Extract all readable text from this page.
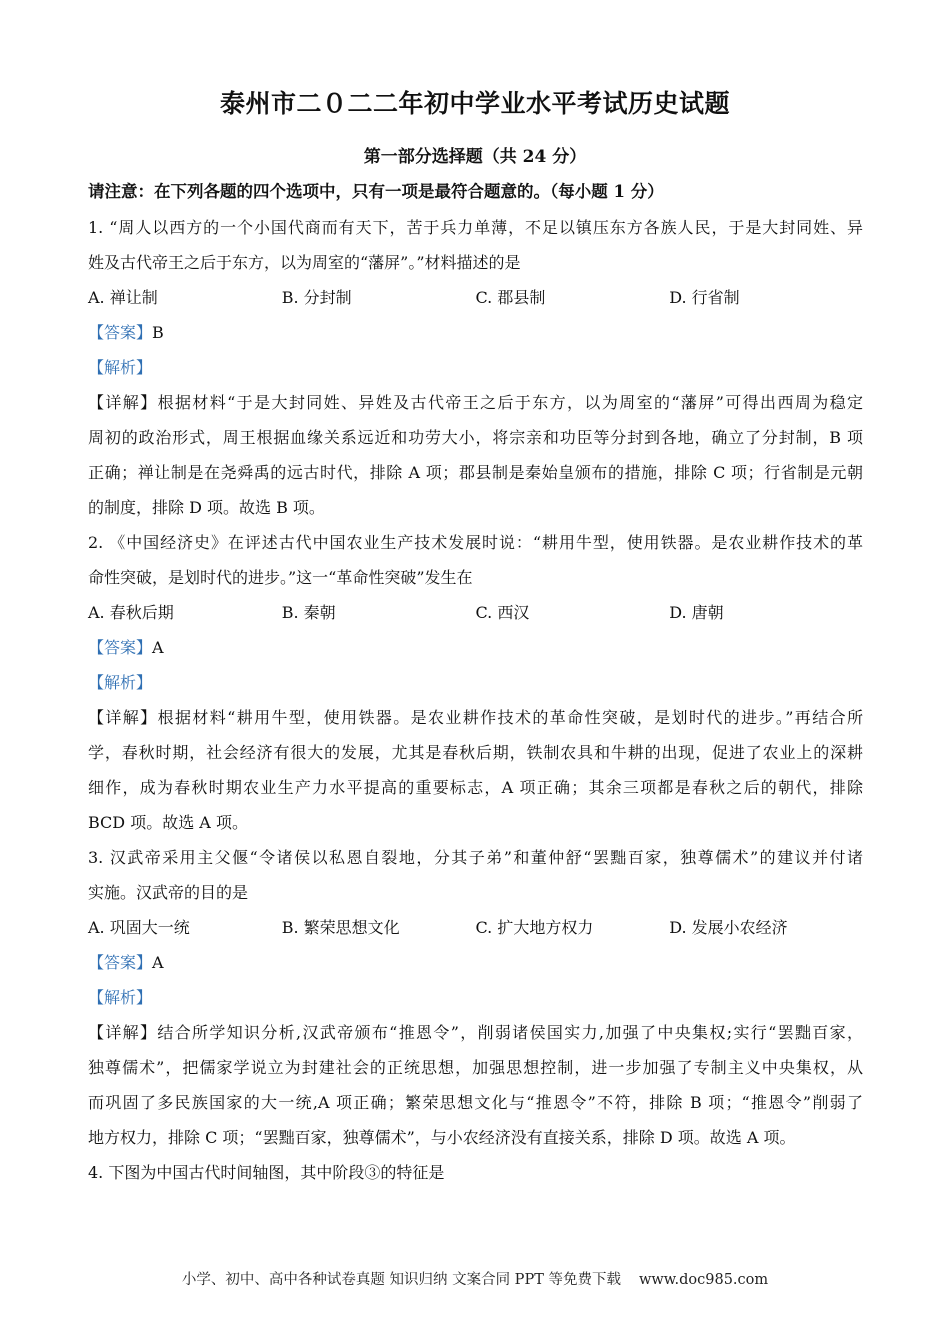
泰州市二０二二年初中学业水平考试历史试题
第一部分选择题（共 24 分）
请注意：在下列各题的四个选项中，只有一项是最符合题意的。（每小题 1 分）
1. “周人以西方的一个小国代商而有天下，苦于兵力单薄，不足以镇压东方各族人民，于是大封同姓、异
姓及古代帝王之后于东方，以为周室的“藩屏”。”材料描述的是
A. 禅让制	B. 分封制	C. 郡县制	D. 行省制
【答案】B
【解析】
【详解】根据材料“于是大封同姓、异姓及古代帝王之后于东方，以为周室的“藩屏”可得出西周为稳定
周初的政治形式，周王根据血缘关系远近和功劳大小，将宗亲和功臣等分封到各地，确立了分封制，B 项
正确；禅让制是在尧舜禹的远古时代，排除 A 项；郡县制是秦始皇颁布的措施，排除 C 项；行省制是元朝
的制度，排除 D 项。故选 B 项。
2. 《中国经济史》在评述古代中国农业生产技术发展时说：“耕用牛型，使用铁器。是农业耕作技术的革
命性突破，是划时代的进步。”这一“革命性突破”发生在
A. 春秋后期	B. 秦朝	C. 西汉	D. 唐朝
【答案】A
【解析】
【详解】根据材料“耕用牛型，使用铁器。是农业耕作技术的革命性突破，是划时代的进步。”再结合所
学，春秋时期，社会经济有很大的发展，尤其是春秋后期，铁制农具和牛耕的出现，促进了农业上的深耕
细作，成为春秋时期农业生产力水平提高的重要标志，A 项正确；其余三项都是春秋之后的朝代，排除
BCD 项。故选 A 项。
3. 汉武帝采用主父偃“令诸侯以私恩自裂地，分其子弟”和董仲舒“罢黜百家，独尊儒术”的建议并付诸
实施。汉武帝的目的是
A. 巩固大一统	B. 繁荣思想文化	C. 扩大地方权力	D. 发展小农经济
【答案】A
【解析】
【详解】结合所学知识分析,汉武帝颁布“推恩令”，削弱诸侯国实力,加强了中央集权;实行“罢黜百家，
独尊儒术”，把儒家学说立为封建社会的正统思想，加强思想控制，进一步加强了专制主义中央集权，从
而巩固了多民族国家的大一统,A 项正确；繁荣思想文化与“推恩令”不符，排除 B 项；“推恩令”削弱了
地方权力，排除 C 项；“罢黜百家，独尊儒术”，与小农经济没有直接关系，排除 D 项。故选 A 项。
4. 下图为中国古代时间轴图，其中阶段③的特征是
小学、初中、高中各种试卷真题 知识归纳 文案合同 PPT 等免费下载 www.doc985.com
